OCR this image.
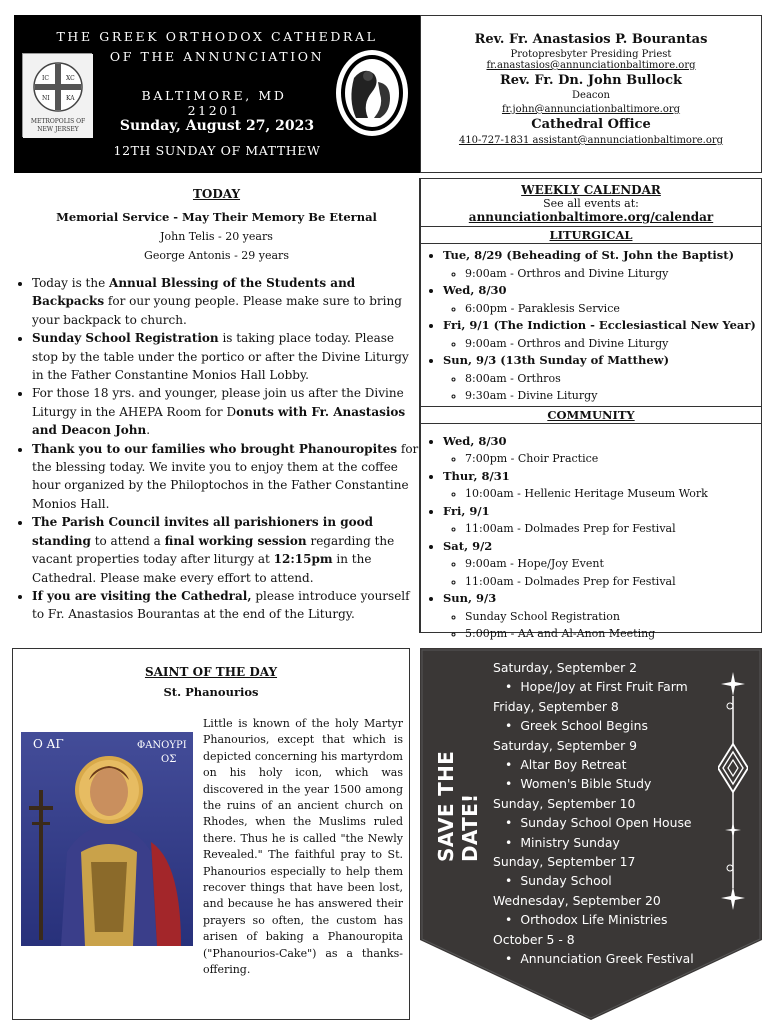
THE GREEK ORTHODOX CATHEDRAL
OF THE ANNUNCIATION
IC	XC
NI	KA
METROPOLIS OF NEW JERSEY
BALTIMORE, MD 21201
Sunday, August 27, 2023
12TH SUNDAY OF MATTHEW
Rev. Fr. Anastasios P. Bourantas
Protopresbyter Presiding Priest
fr.anastasios@annunciationbaltimore.org
Rev. Fr. Dn. John Bullock
Deacon
fr.john@annunciationbaltimore.org
Cathedral Office
410-727-1831 assistant@annunciationbaltimore.org
TODAY
Memorial Service - May Their Memory Be Eternal
John Telis - 20 years
George Antonis - 29 years
• Today is the Annual Blessing of the Students and Backpacks for our young people. Please make sure to bring your backpack to church.
• Sunday School Registration is taking place today. Please stop by the table under the portico or after the Divine Liturgy in the Father Constantine Monios Hall Lobby.
• For those 18 yrs. and younger, please join us after the Divine Liturgy in the AHEPA Room for Donuts with Fr. Anastasios and Deacon John.
• Thank you to our families who brought Phanouropites for the blessing today. We invite you to enjoy them at the coffee hour organized by the Philoptochos in the Father Constantine Monios Hall.
• The Parish Council invites all parishioners in good standing to attend a final working session regarding the vacant properties today after liturgy at 12:15pm in the Cathedral. Please make every effort to attend.
• If you are visiting the Cathedral, please introduce yourself to Fr. Anastasios Bourantas at the end of the Liturgy.
WEEKLY CALENDAR
See all events at: annunciationbaltimore.org/calendar
LITURGICAL
• Tue, 8/29 (Beheading of St. John the Baptist)
◦ 9:00am - Orthros and Divine Liturgy
• Wed, 8/30
◦ 6:00pm - Paraklesis Service
• Fri, 9/1 (The Indiction - Ecclesiastical New Year)
◦ 9:00am - Orthros and Divine Liturgy
• Sun, 9/3 (13th Sunday of Matthew)
◦ 8:00am - Orthros
◦ 9:30am - Divine Liturgy
COMMUNITY
• Wed, 8/30
◦ 7:00pm - Choir Practice
• Thur, 8/31
◦ 10:00am - Hellenic Heritage Museum Work
• Fri, 9/1
◦ 11:00am - Dolmades Prep for Festival
• Sat, 9/2
◦ 9:00am - Hope/Joy Event
◦ 11:00am - Dolmades Prep for Festival
• Sun, 9/3
◦ Sunday School Registration
◦ 5:00pm - AA and Al-Anon Meeting
SAINT OF THE DAY
St. Phanourios
Ο ΑΓ	ΦΑΝΟΥΡΙ
ΟΣ
Little is known of the holy Martyr Phanourios, except that which is depicted concerning his martyrdom on his holy icon, which was discovered in the year 1500 among the ruins of an ancient church on Rhodes, when the Muslims ruled there. Thus he is called "the Newly Revealed." The faithful pray to St. Phanourios especially to help them recover things that have been lost, and because he has answered their prayers so often, the custom has arisen of baking a Phanouropita ("Phanourios-Cake") as a thanks-offering.
SAVE THE DATE!
Saturday, September 2
• Hope/Joy at First Fruit Farm
Friday, September 8
• Greek School Begins
Saturday, September 9
• Altar Boy Retreat
• Women's Bible Study
Sunday, September 10
• Sunday School Open House
• Ministry Sunday
Sunday, September 17
• Sunday School
Wednesday, September 20
• Orthodox Life Ministries
October 5 - 8
• Annunciation Greek Festival
